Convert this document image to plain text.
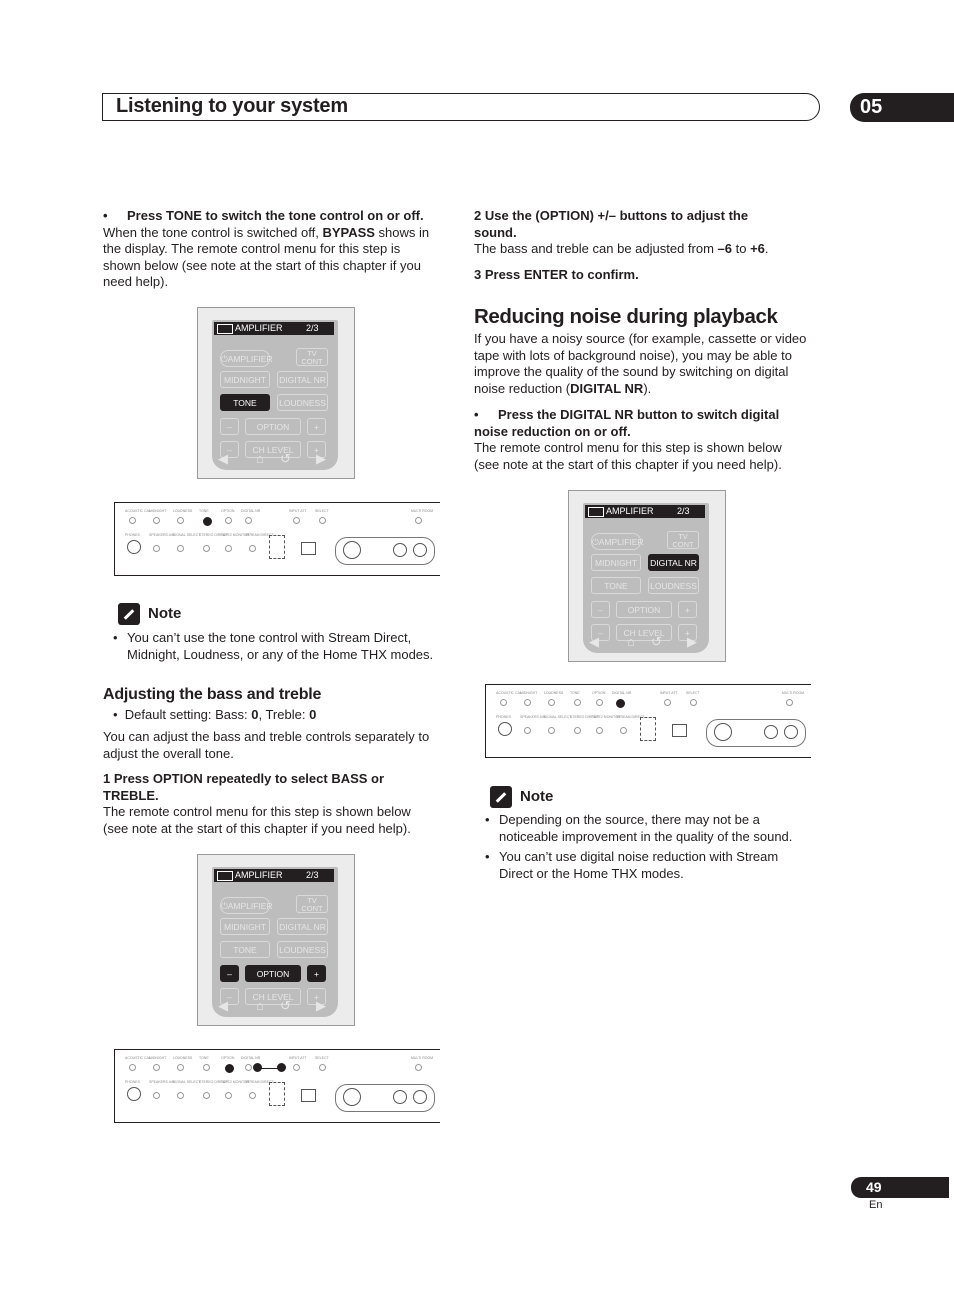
Listening to your system	05
• Press TONE to switch the tone control on or off.
When the tone control is switched off, BYPASS shows in
the display. The remote control menu for this step is
shown below (see note at the start of this chapter if you
need help).
AMPLIFIER	2/3
⏻AMPLIFIER
TV
CONT
MIDNIGHT	DIGITAL NR
TONE	LOUDNESS
–	OPTION	+
–	CH LEVEL	+
◀ ⌂ ↺ ▶
AMPLIFIER	2/3
⏻AMPLIFIER
TV
CONT
MIDNIGHT	DIGITAL NR
TONE	LOUDNESS
–	OPTION	+
–	CH LEVEL	+
◀ ⌂ ↺ ▶
AMPLIFIER	2/3
⏻AMPLIFIER
TV
CONT
MIDNIGHT	DIGITAL NR
TONE	LOUDNESS
–	OPTION	+
–	CH LEVEL	+
◀ ⌂ ↺ ▶
ACOUSTIC CAL
MIDNIGHT LOUDNESS TONE	OPTION DIGITAL NR	INPUT ATT SELECT	MULTI ROOM
PHONES	SPEAKERS A/B
SIGNAL SELECT
STEREO DIRECT
TAPE2 MONITOR
STREAM DIRECT
ACOUSTIC CAL
MIDNIGHT LOUDNESS TONE	OPTION DIGITAL NR	INPUT ATT SELECT	MULTI ROOM
PHONES	SPEAKERS A/B
SIGNAL SELECT
STEREO DIRECT
TAPE2 MONITOR
STREAM DIRECT
ACOUSTIC CAL
MIDNIGHT LOUDNESS TONE	OPTION DIGITAL NR	INPUT ATT SELECT	MULTI ROOM
PHONES	SPEAKERS A/B
SIGNAL SELECT
STEREO DIRECT
TAPE2 MONITOR
STREAM DIRECT
Note
• You can’t use the tone control with Stream Direct,
Midnight, Loudness, or any of the Home THX modes.
Adjusting the bass and treble
• Default setting: Bass: 0, Treble: 0
You can adjust the bass and treble controls separately to
adjust the overall tone.
1 Press OPTION repeatedly to select BASS or
TREBLE.
The remote control menu for this step is shown below
(see note at the start of this chapter if you need help).
2 Use the (OPTION) +/– buttons to adjust the
sound.
The bass and treble can be adjusted from –6 to +6.
3 Press ENTER to confirm.
Reducing noise during playback
If you have a noisy source (for example, cassette or video
tape with lots of background noise), you may be able to
improve the quality of the sound by switching on digital
noise reduction (DIGITAL NR).
• Press the DIGITAL NR button to switch digital
noise reduction on or off.
The remote control menu for this step is shown below
(see note at the start of this chapter if you need help).
Note
• Depending on the source, there may not be a
noticeable improvement in the quality of the sound.
• You can’t use digital noise reduction with Stream
Direct or the Home THX modes.
49
En
